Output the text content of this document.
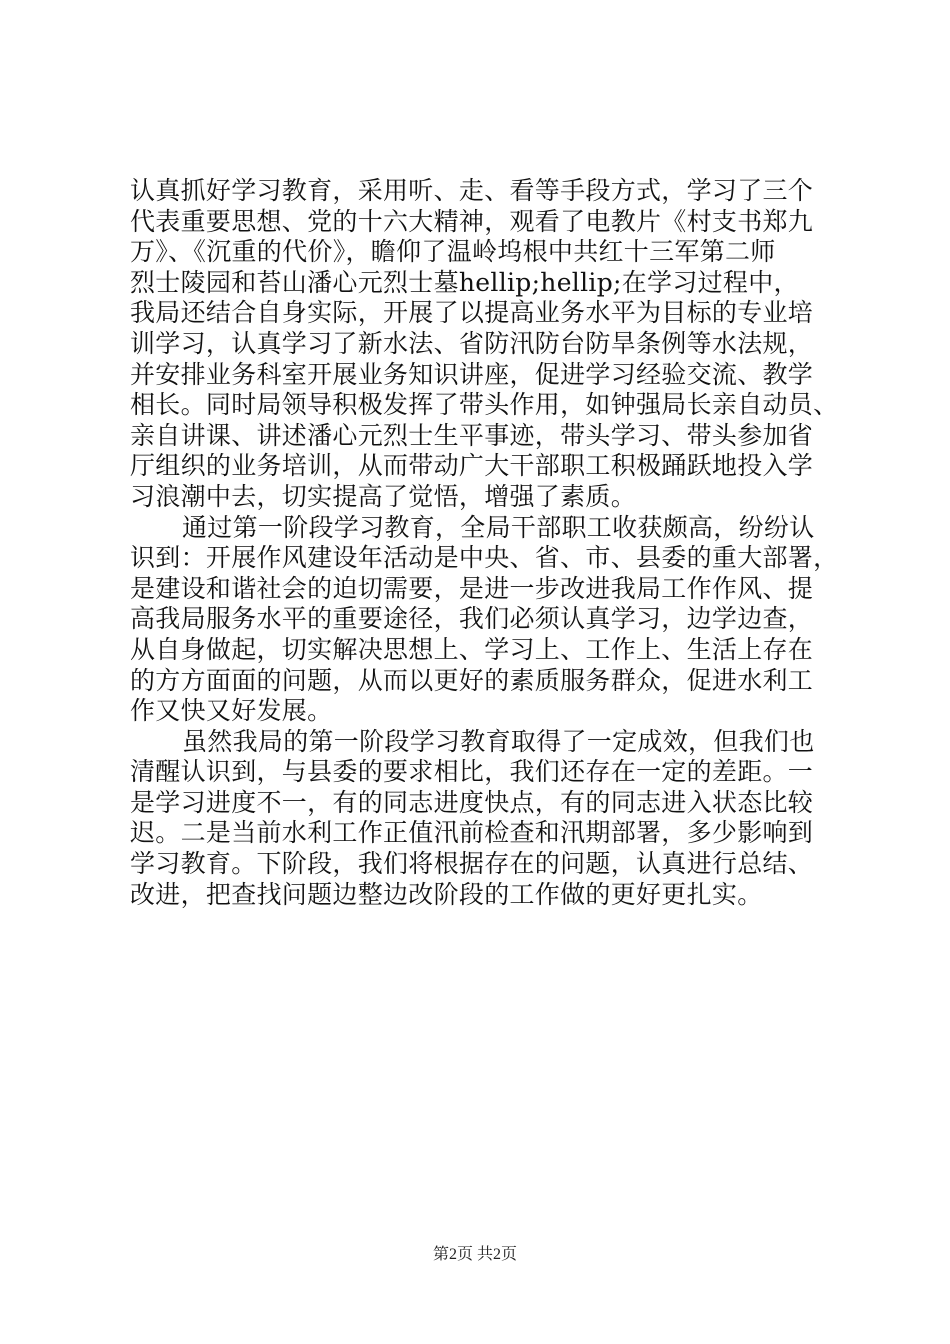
认真抓好学习教育，采用听、走、看等手段方式，学习了三个
代表重要思想、党的十六大精神，观看了电教片《村支书郑九
万》、《沉重的代价》，瞻仰了温岭坞根中共红十三军第二师
烈士陵园和苔山潘心元烈士墓hellip;hellip;在学习过程中，
我局还结合自身实际，开展了以提高业务水平为目标的专业培
训学习，认真学习了新水法、省防汛防台防旱条例等水法规，
并安排业务科室开展业务知识讲座，促进学习经验交流、教学
相长。同时局领导积极发挥了带头作用，如钟强局长亲自动员、
亲自讲课、讲述潘心元烈士生平事迹，带头学习、带头参加省
厅组织的业务培训，从而带动广大干部职工积极踊跃地投入学
习浪潮中去，切实提高了觉悟，增强了素质。
通过第一阶段学习教育，全局干部职工收获颇高，纷纷认
识到：开展作风建设年活动是中央、省、市、县委的重大部署，
是建设和谐社会的迫切需要，是进一步改进我局工作作风、提
高我局服务水平的重要途径，我们必须认真学习，边学边查，
从自身做起，切实解决思想上、学习上、工作上、生活上存在
的方方面面的问题，从而以更好的素质服务群众，促进水利工
作又快又好发展。
虽然我局的第一阶段学习教育取得了一定成效，但我们也
清醒认识到，与县委的要求相比，我们还存在一定的差距。一
是学习进度不一，有的同志进度快点，有的同志进入状态比较
迟。二是当前水利工作正值汛前检查和汛期部署，多少影响到
学习教育。下阶段，我们将根据存在的问题，认真进行总结、
改进，把查找问题边整边改阶段的工作做的更好更扎实。
第2页 共2页
